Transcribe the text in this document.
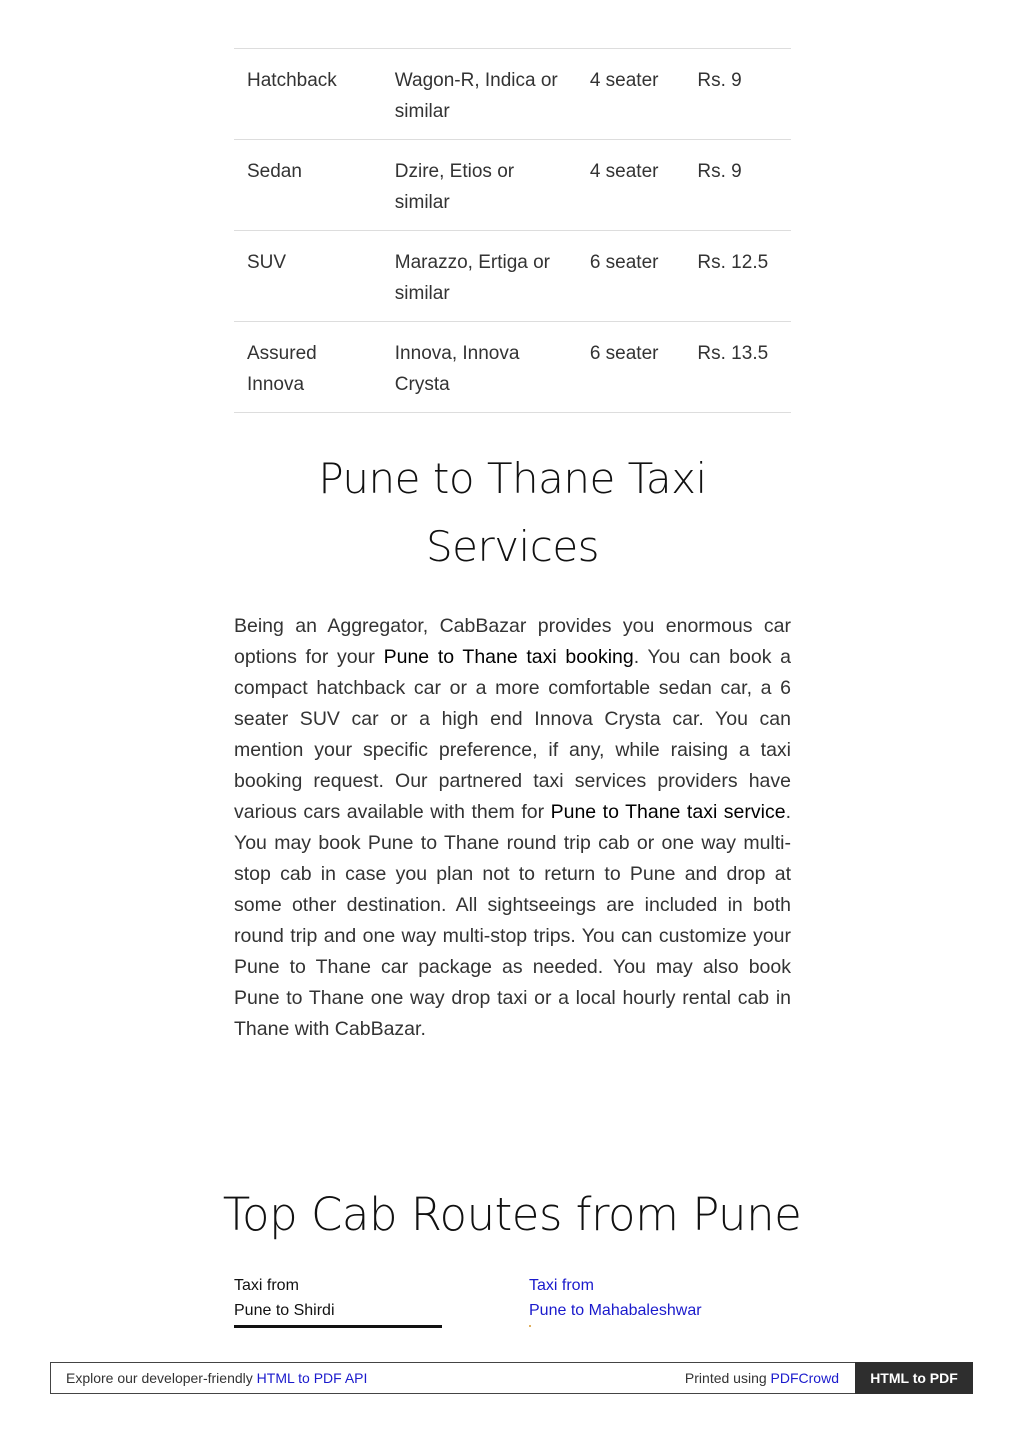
Hatchback	Wagon-R, Indica or similar	4 seater	Rs. 9
Sedan	Dzire, Etios or similar	4 seater	Rs. 9
SUV	Marazzo, Ertiga or similar	6 seater	Rs. 12.5
Assured Innova	Innova, Innova Crysta	6 seater	Rs. 13.5
Pune to Thane Taxi Services

Being an Aggregator, CabBazar provides you enormous car options for your Pune to Thane taxi booking. You can book a compact hatchback car or a more comfortable sedan car, a 6 seater SUV car or a high end Innova Crysta car. You can mention your specific preference, if any, while raising a taxi booking request. Our partnered taxi services providers have various cars available with them for Pune to Thane taxi service. You may book Pune to Thane round trip cab or one way multi-stop cab in case you plan not to return to Pune and drop at some other destination. All sightseeings are included in both round trip and one way multi-stop trips. You can customize your Pune to Thane car package as needed. You may also book Pune to Thane one way drop taxi or a local hourly rental cab in Thane with CabBazar.

Top Cab Routes from Pune
Taxi from
Pune to Shirdi
Taxi from
Pune to Mahabaleshwar
Explore our developer-friendly HTML to PDF API	Printed using PDFCrowd	HTML to PDF
